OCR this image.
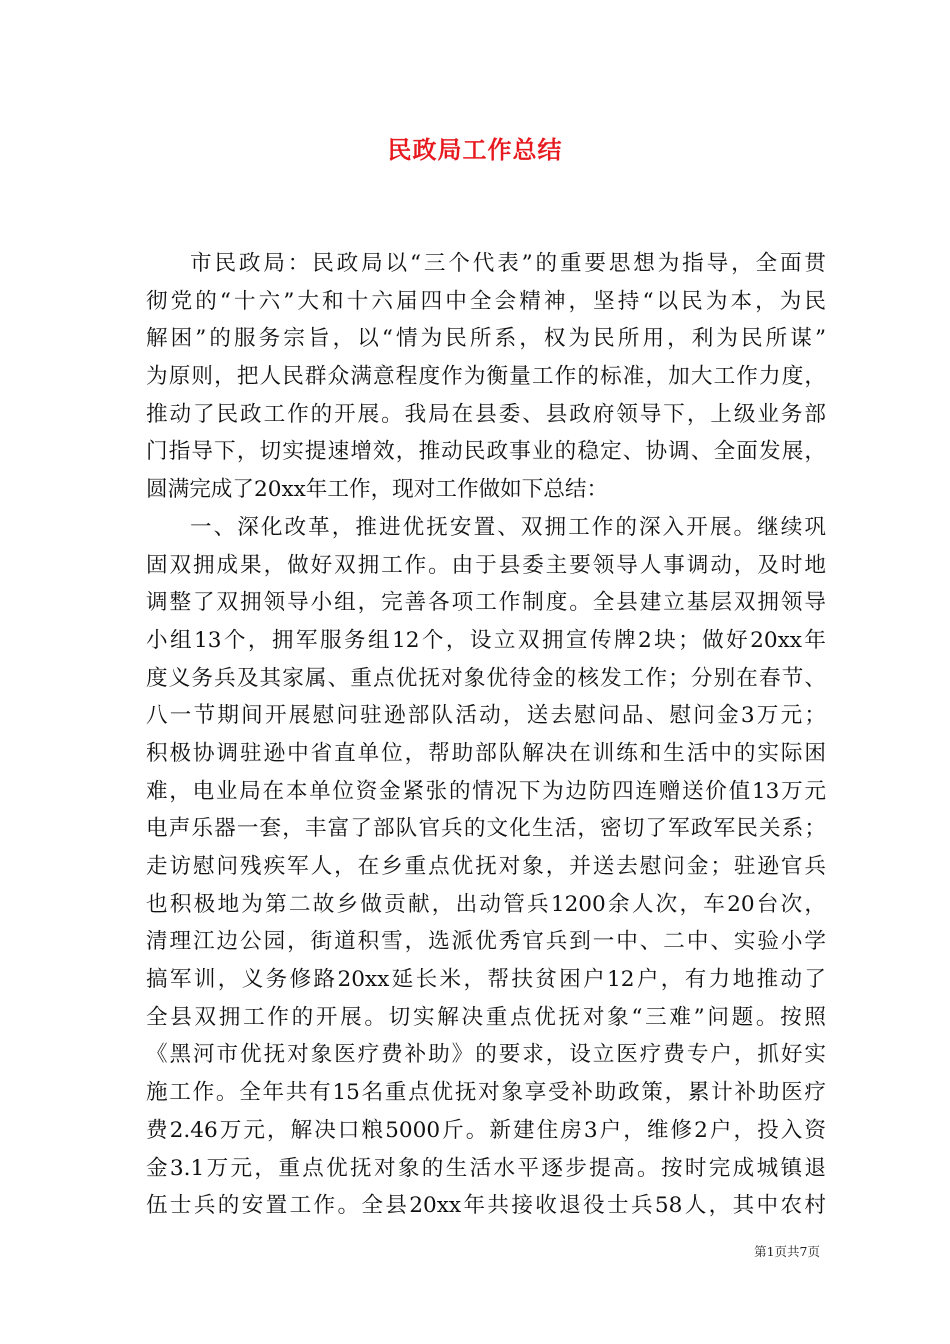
民政局工作总结
市民政局：民政局以“三个代表”的重要思想为指导，全面贯
彻党的“十六”大和十六届四中全会精神，坚持“以民为本，为民
解困”的服务宗旨，以“情为民所系，权为民所用，利为民所谋”
为原则，把人民群众满意程度作为衡量工作的标准，加大工作力度，
推动了民政工作的开展。我局在县委、县政府领导下，上级业务部
门指导下，切实提速增效，推动民政事业的稳定、协调、全面发展，
圆满完成了20xx年工作，现对工作做如下总结：
一、深化改革，推进优抚安置、双拥工作的深入开展。继续巩
固双拥成果，做好双拥工作。由于县委主要领导人事调动，及时地
调整了双拥领导小组，完善各项工作制度。全县建立基层双拥领导
小组13个，拥军服务组12个，设立双拥宣传牌2块；做好20xx年
度义务兵及其家属、重点优抚对象优待金的核发工作；分别在春节、
八一节期间开展慰问驻逊部队活动，送去慰问品、慰问金3万元；
积极协调驻逊中省直单位，帮助部队解决在训练和生活中的实际困
难，电业局在本单位资金紧张的情况下为边防四连赠送价值13万元
电声乐器一套，丰富了部队官兵的文化生活，密切了军政军民关系；
走访慰问残疾军人，在乡重点优抚对象，并送去慰问金；驻逊官兵
也积极地为第二故乡做贡献，出动管兵1200余人次，车20台次，
清理江边公园，街道积雪，选派优秀官兵到一中、二中、实验小学
搞军训，义务修路20xx延长米，帮扶贫困户12户，有力地推动了
全县双拥工作的开展。切实解决重点优抚对象“三难”问题。按照
《黑河市优抚对象医疗费补助》的要求，设立医疗费专户，抓好实
施工作。全年共有15名重点优抚对象享受补助政策，累计补助医疗
费2.46万元，解决口粮5000斤。新建住房3户，维修2户，投入资
金3.1万元，重点优抚对象的生活水平逐步提高。按时完成城镇退
伍士兵的安置工作。全县20xx年共接收退役士兵58人，其中农村
第1页共7页
